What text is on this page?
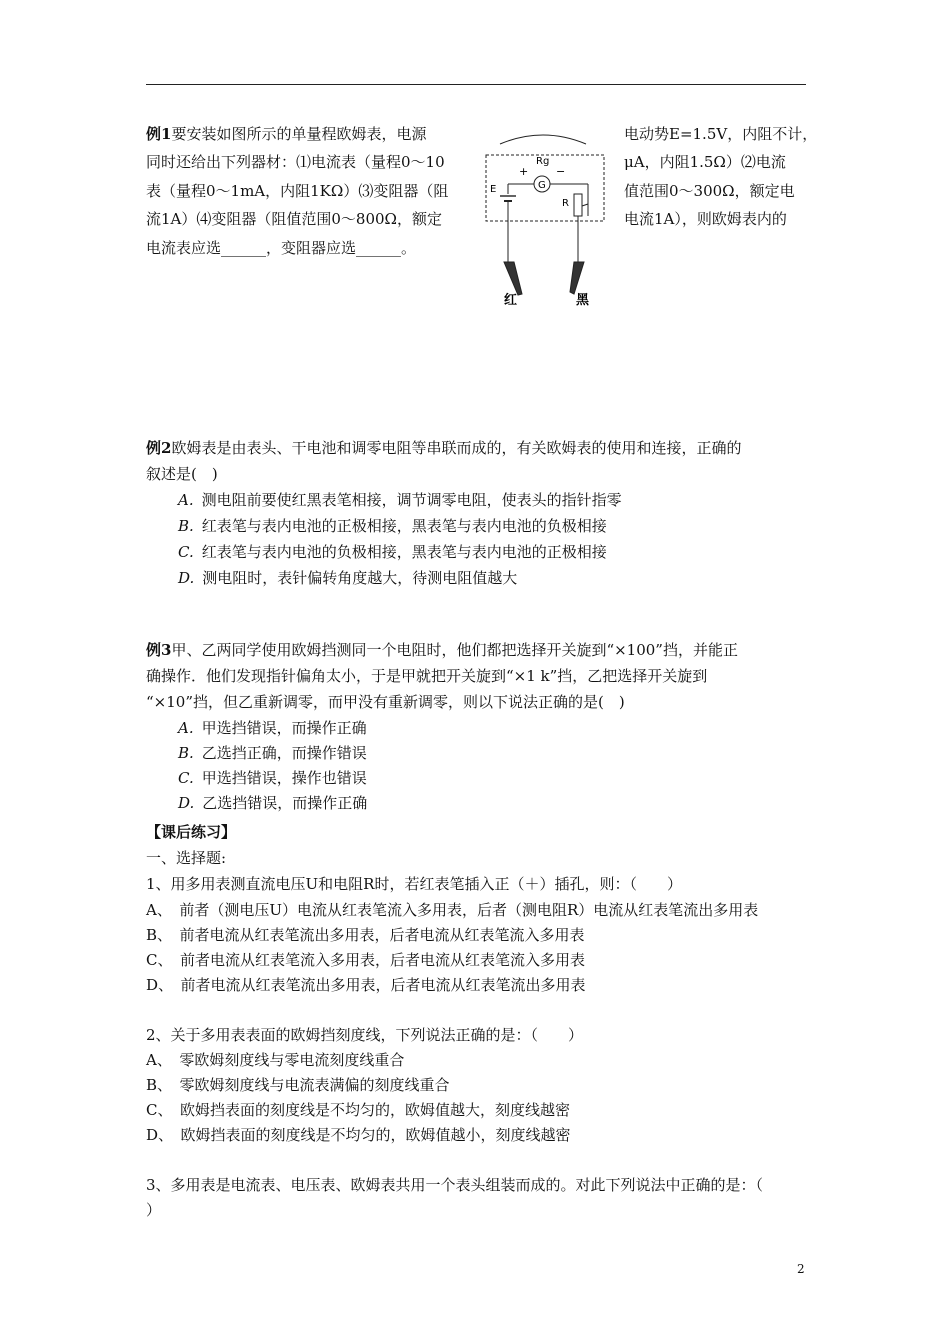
例1要安装如图所示的单量程欧姆表，电源
同时还给出下列器材：⑴电流表（量程0～10
表（量程0～1mA，内阻1KΩ）⑶变阻器（阻
流1A）⑷变阻器（阻值范围0～800Ω，额定
电流表应选______，变阻器应选______。
电动势E=1.5V，内阻不计，
μA，内阻1.5Ω）⑵电流
值范围0～300Ω，额定电
电流1A），则欧姆表内的
Rg
+	−
G
E
R
红	黑
例2欧姆表是由表头、干电池和调零电阻等串联而成的，有关欧姆表的使用和连接，正确的
叙述是(　)
A. 测电阻前要使红黑表笔相接，调节调零电阻，使表头的指针指零
B. 红表笔与表内电池的正极相接，黑表笔与表内电池的负极相接
C. 红表笔与表内电池的负极相接，黑表笔与表内电池的正极相接
D. 测电阻时，表针偏转角度越大，待测电阻值越大
例3甲、乙两同学使用欧姆挡测同一个电阻时，他们都把选择开关旋到“×100”挡，并能正
确操作．他们发现指针偏角太小，于是甲就把开关旋到“×1 k”挡，乙把选择开关旋到
“×10”挡，但乙重新调零，而甲没有重新调零，则以下说法正确的是(　)
A. 甲选挡错误，而操作正确
B. 乙选挡正确，而操作错误
C. 甲选挡错误，操作也错误
D. 乙选挡错误，而操作正确
【课后练习】
一、选择题:
1、用多用表测直流电压U和电阻R时，若红表笔插入正（＋）插孔，则：（　　）
A、　前者（测电压U）电流从红表笔流入多用表，后者（测电阻R）电流从红表笔流出多用表
B、　前者电流从红表笔流出多用表，后者电流从红表笔流入多用表
C、　前者电流从红表笔流入多用表，后者电流从红表笔流入多用表
D、　前者电流从红表笔流出多用表，后者电流从红表笔流出多用表
2、关于多用表表面的欧姆挡刻度线，下列说法正确的是：（　　）
A、　零欧姆刻度线与零电流刻度线重合
B、　零欧姆刻度线与电流表满偏的刻度线重合
C、　欧姆挡表面的刻度线是不均匀的，欧姆值越大，刻度线越密
D、　欧姆挡表面的刻度线是不均匀的，欧姆值越小，刻度线越密
3、多用表是电流表、电压表、欧姆表共用一个表头组装而成的。对此下列说法中正确的是：（
）
2
